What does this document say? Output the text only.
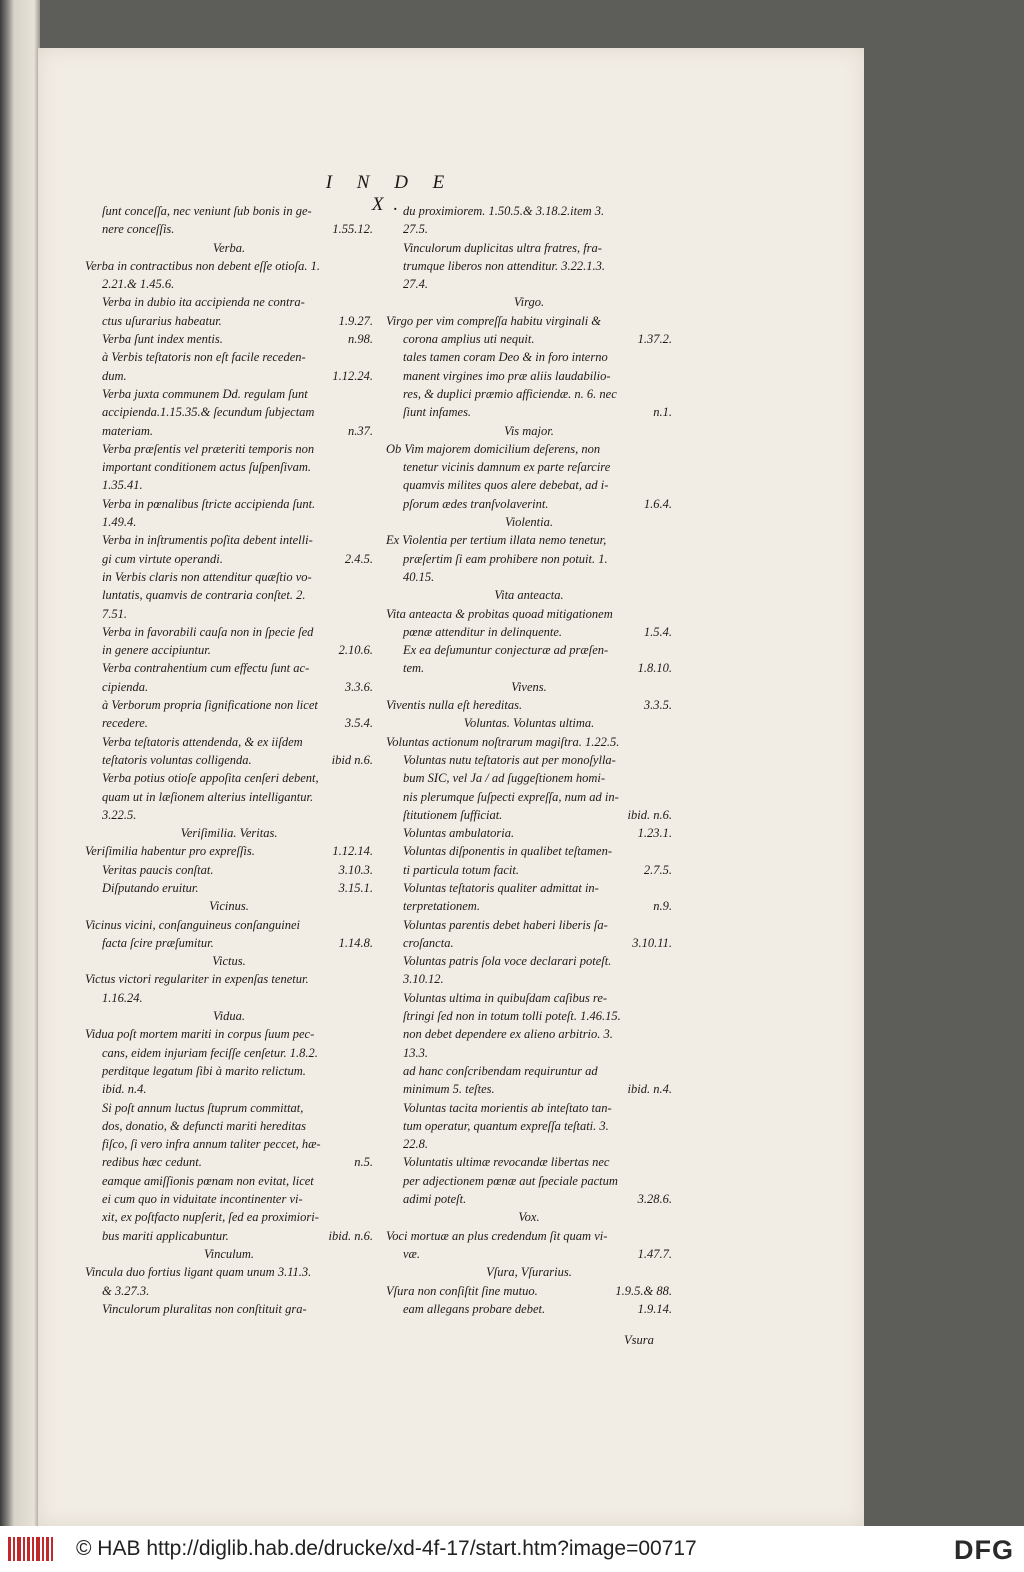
I N D E X.
ſunt conceſſa, nec veniunt ſub bonis in ge-
nere conceſſis.	1.55.12.
Verba.
Verba in contractibus non debent eſſe otioſa. 1.
2.21.& 1.45.6.
Verba in dubio ita accipienda ne contra-
ctus uſurarius habeatur.	1.9.27.
Verba ſunt index mentis.	n.98.
à Verbis teſtatoris non eſt facile receden-
dum.	1.12.24.
Verba juxta communem Dd. regulam ſunt
accipienda.1.15.35.& ſecundum ſubjectam
materiam.	n.37.
Verba præſentis vel præteriti temporis non
important conditionem actus ſuſpenſivam.
1.35.41.
Verba in pœnalibus ſtricte accipienda ſunt.
1.49.4.
Verba in inſtrumentis poſita debent intelli-
gi cum virtute operandi.	2.4.5.
in Verbis claris non attenditur quæſtio vo-
luntatis, quamvis de contraria conſtet. 2.
7.51.
Verba in favorabili cauſa non in ſpecie ſed
in genere accipiuntur.	2.10.6.
Verba contrahentium cum effectu ſunt ac-
cipienda.	3.3.6.
à Verborum propria ſignificatione non licet
recedere.	3.5.4.
Verba teſtatoris attendenda, & ex iiſdem
teſtatoris voluntas colligenda.	ibid n.6.
Verba potius otioſe appoſita cenſeri debent,
quam ut in læſionem alterius intelligantur.
3.22.5.
Veriſimilia. Veritas.
Veriſimilia habentur pro expreſſis.	1.12.14.
Veritas paucis conſtat.	3.10.3.
Diſputando eruitur.	3.15.1.
Vicinus.
Vicinus vicini, conſanguineus conſanguinei
facta ſcire præſumitur.	1.14.8.
Victus.
Victus victori regulariter in expenſas tenetur.
1.16.24.
Vidua.
Vidua poſt mortem mariti in corpus ſuum pec-
cans, eidem injuriam feciſſe cenſetur. 1.8.2.
perditque legatum ſibi à marito relictum.
ibid. n.4.
Si poſt annum luctus ſtuprum committat,
dos, donatio, & defuncti mariti hereditas
fiſco, ſi vero infra annum taliter peccet, hæ-
redibus hæc cedunt.	n.5.
eamque amiſſionis pœnam non evitat, licet
ei cum quo in viduitate incontinenter vi-
xit, ex poſtfacto nupſerit, ſed ea proximiori-
bus mariti applicabuntur.	ibid. n.6.
Vinculum.
Vincula duo fortius ligant quam unum 3.11.3.
& 3.27.3.
Vinculorum pluralitas non conſtituit gra-
du proximiorem. 1.50.5.& 3.18.2.item 3.
27.5.
Vinculorum duplicitas ultra fratres, fra-
trumque liberos non attenditur. 3.22.1.3.
27.4.
Virgo.
Virgo per vim compreſſa habitu virginali &
corona amplius uti nequit.	1.37.2.
tales tamen coram Deo & in foro interno
manent virgines imo præ aliis laudabilio-
res, & duplici præmio afficiendæ. n. 6. nec
ſiunt infames.	n.1.
Vis major.
Ob Vim majorem domicilium deſerens, non
tenetur vicinis damnum ex parte reſarcire
quamvis milites quos alere debebat, ad i-
pſorum ædes tranſvolaverint.	1.6.4.
Violentia.
Ex Violentia per tertium illata nemo tenetur,
præſertim ſi eam prohibere non potuit. 1.
40.15.
Vita anteacta.
Vita anteacta & probitas quoad mitigationem
pœnæ attenditur in delinquente.	1.5.4.
Ex ea deſumuntur conjecturæ ad præſen-
tem.	1.8.10.
Vivens.
Viventis nulla eſt hereditas.	3.3.5.
Voluntas. Voluntas ultima.
Voluntas actionum noſtrarum magiſtra. 1.22.5.
Voluntas nutu teſtatoris aut per monoſylla-
bum SIC, vel Ja / ad ſuggeſtionem homi-
nis plerumque ſuſpecti expreſſa, num ad in-
ſtitutionem ſufficiat.	ibid. n.6.
Voluntas ambulatoria.	1.23.1.
Voluntas diſponentis in qualibet teſtamen-
ti particula totum facit.	2.7.5.
Voluntas teſtatoris qualiter admittat in-
terpretationem.	n.9.
Voluntas parentis debet haberi liberis ſa-
croſancta.	3.10.11.
Voluntas patris ſola voce declarari poteſt.
3.10.12.
Voluntas ultima in quibuſdam caſibus re-
ſtringi ſed non in totum tolli poteſt. 1.46.15.
non debet dependere ex alieno arbitrio. 3.
13.3.
ad hanc conſcribendam requiruntur ad
minimum 5. teſtes.	ibid. n.4.
Voluntas tacita morientis ab inteſtato tan-
tum operatur, quantum expreſſa teſtati. 3.
22.8.
Voluntatis ultimæ revocandæ libertas nec
per adjectionem pœnæ aut ſpeciale pactum
adimi poteſt.	3.28.6.
Vox.
Voci mortuæ an plus credendum ſit quam vi-
væ.	1.47.7.
Vſura, Vſurarius.
Vſura non conſiſtit ſine mutuo.	1.9.5.& 88.
eam allegans probare debet.	1.9.14.
© HAB http://diglib.hab.de/drucke/xd-4f-17/start.htm?image=00717	DFG
Vsura
